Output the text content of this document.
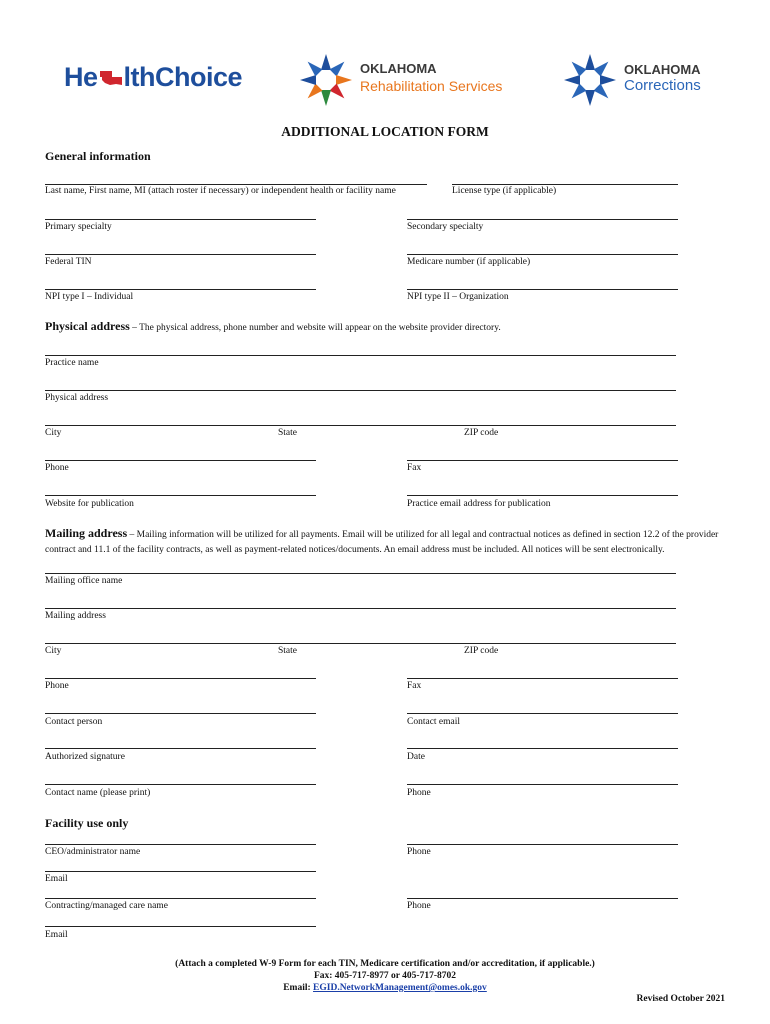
He lthChoice	OKLAHOMA
Rehabilitation Services
OKLAHOMA
Corrections
ADDITIONAL LOCATION FORM
General information
Last name, First name, MI (attach roster if necessary) or independent health or facility name	License type (if applicable)
Primary specialty	Secondary specialty
Federal TIN	Medicare number (if applicable)
NPI type I – Individual	NPI type II – Organization
Physical address – The physical address, phone number and website will appear on the website provider directory.
Practice name
Physical address
City	State	ZIP code
Phone	Fax
Website for publication	Practice email address for publication
Mailing address – Mailing information will be utilized for all payments. Email will be utilized for all legal and contractual notices as defined in section 12.2 of the provider contract and 11.1 of the facility contracts, as well as payment-related notices/documents. An email address must be included. All notices will be sent electronically.
Mailing office name
Mailing address
City	State	ZIP code
Phone	Fax
Contact person	Contact email
Authorized signature	Date
Contact name (please print)	Phone
Facility use only
CEO/administrator name	Phone
Email
Contracting/managed care name	Phone
Email
(Attach a completed W-9 Form for each TIN, Medicare certification and/or accreditation, if applicable.)
Fax: 405-717-8977 or 405-717-8702
Email: EGID.NetworkManagement@omes.ok.gov
Revised October 2021
